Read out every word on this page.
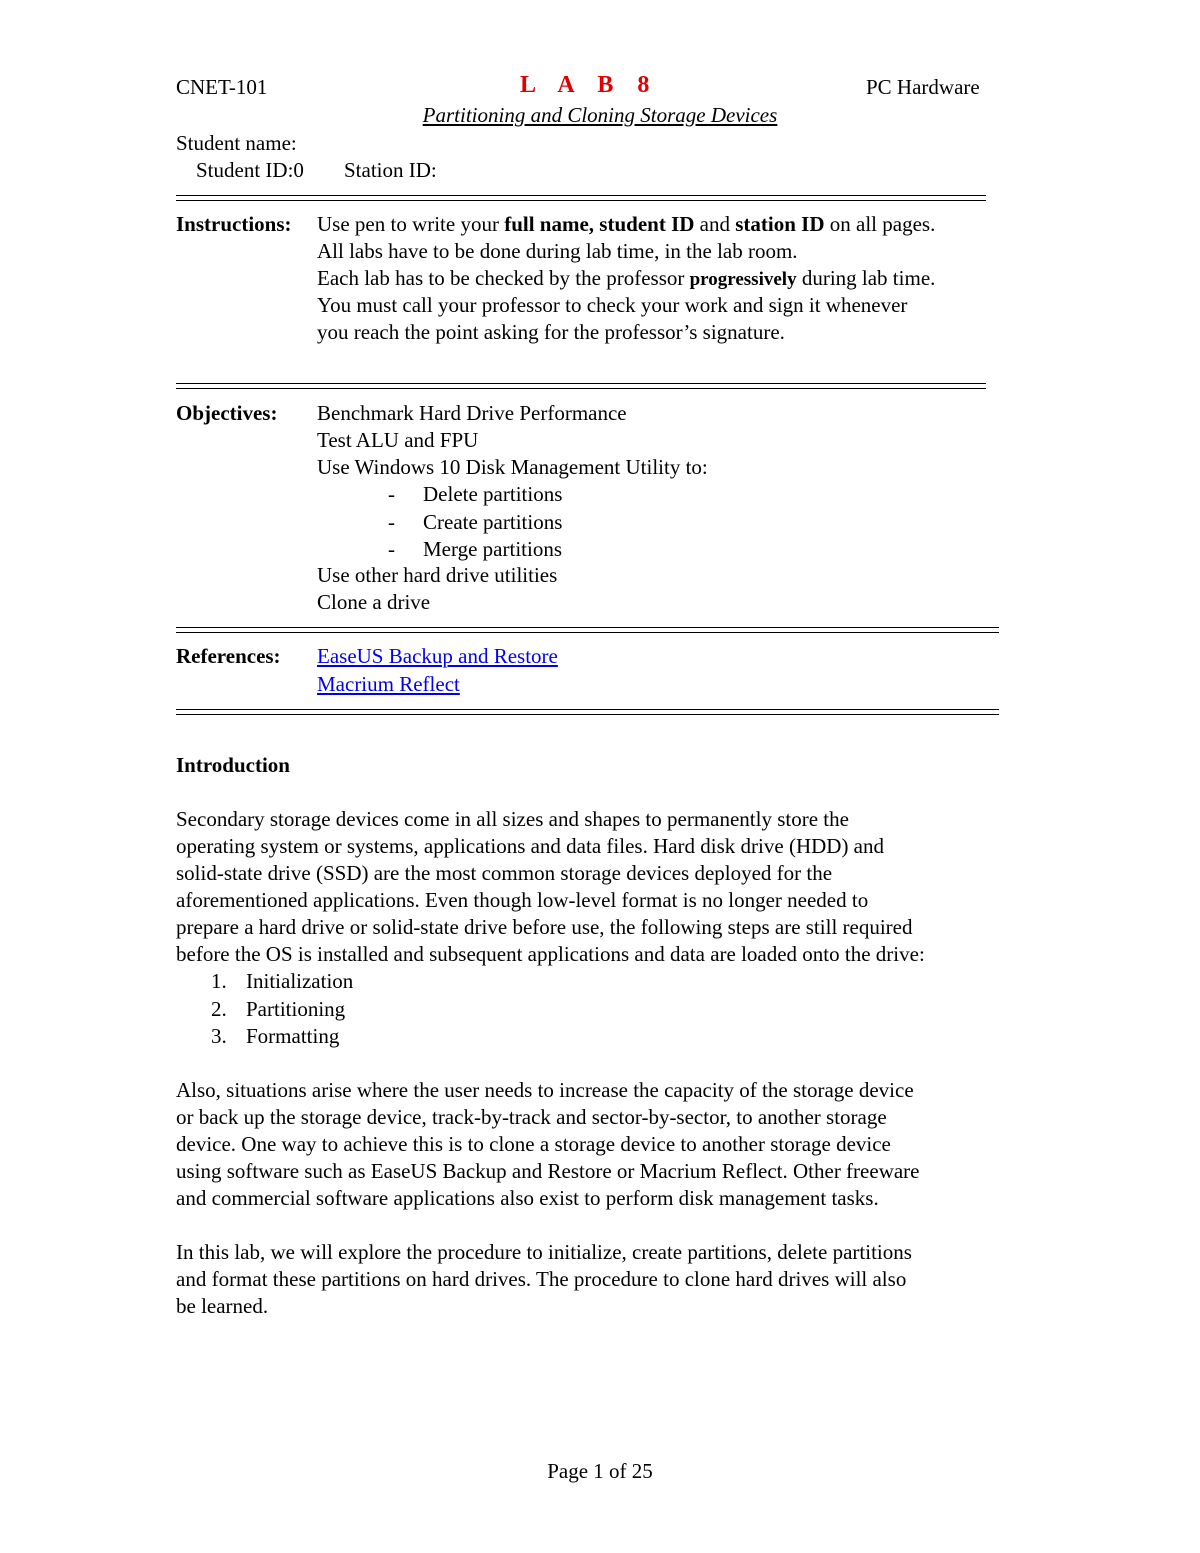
CNET-101	L A B 8	PC Hardware
Partitioning and Cloning Storage Devices
Student name:
Student ID:0 Station ID:
Instructions: Use pen to write your full name, student ID and station ID on all pages.
All labs have to be done during lab time, in the lab room.
Each lab has to be checked by the professor progressively during lab time.
You must call your professor to check your work and sign it whenever
you reach the point asking for the professor’s signature.
Objectives: Benchmark Hard Drive Performance
Test ALU and FPU
Use Windows 10 Disk Management Utility to:
- Delete partitions
- Create partitions
- Merge partitions
Use other hard drive utilities
Clone a drive
References: EaseUS Backup and Restore
Macrium Reflect
Introduction

Secondary storage devices come in all sizes and shapes to permanently store the

operating system or systems, applications and data files. Hard disk drive (HDD) and

solid-state drive (SSD) are the most common storage devices deployed for the

aforementioned applications. Even though low-level format is no longer needed to

prepare a hard drive or solid-state drive before use, the following steps are still required

before the OS is installed and subsequent applications and data are loaded onto the drive:

1. Initialization
2. Partitioning
3. Formatting

Also, situations arise where the user needs to increase the capacity of the storage device

or back up the storage device, track-by-track and sector-by-sector, to another storage

device. One way to achieve this is to clone a storage device to another storage device

using software such as EaseUS Backup and Restore or Macrium Reflect. Other freeware

and commercial software applications also exist to perform disk management tasks.

In this lab, we will explore the procedure to initialize, create partitions, delete partitions

and format these partitions on hard drives. The procedure to clone hard drives will also

be learned.

Page 1 of 25
